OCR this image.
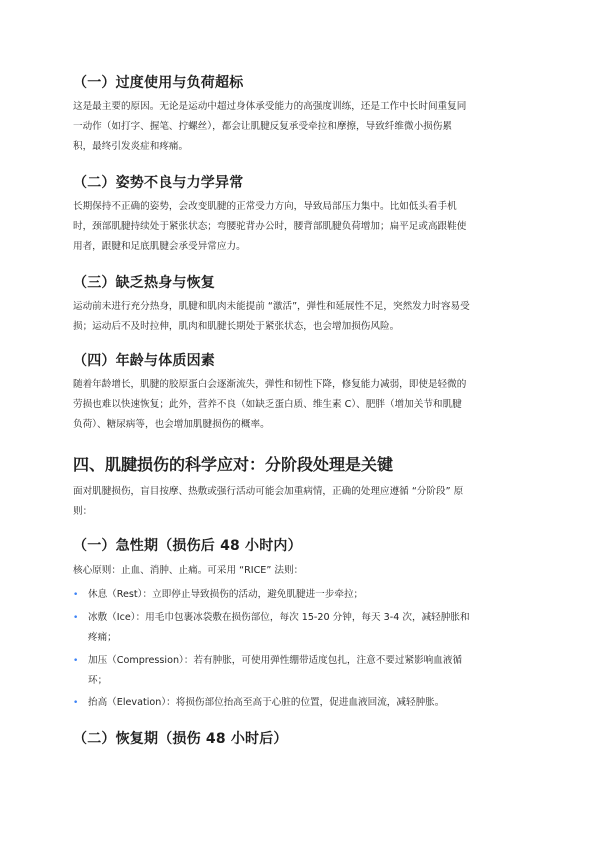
（一）过度使用与负荷超标
这是最主要的原因。无论是运动中超过身体承受能力的高强度训练，还是工作中长时间重复同
一动作（如打字、握笔、拧螺丝），都会让肌腱反复承受牵拉和摩擦，导致纤维微小损伤累
积，最终引发炎症和疼痛。
（二）姿势不良与力学异常
长期保持不正确的姿势，会改变肌腱的正常受力方向，导致局部压力集中。比如低头看手机
时，颈部肌腱持续处于紧张状态；弯腰驼背办公时，腰背部肌腱负荷增加；扁平足或高跟鞋使
用者，跟腱和足底肌腱会承受异常应力。
（三）缺乏热身与恢复
运动前未进行充分热身，肌腱和肌肉未能提前 “激活”，弹性和延展性不足，突然发力时容易受
损；运动后不及时拉伸，肌肉和肌腱长期处于紧张状态，也会增加损伤风险。
（四）年龄与体质因素
随着年龄增长，肌腱的胶原蛋白会逐渐流失，弹性和韧性下降，修复能力减弱，即使是轻微的
劳损也难以快速恢复；此外，营养不良（如缺乏蛋白质、维生素 C）、肥胖（增加关节和肌腱
负荷）、糖尿病等，也会增加肌腱损伤的概率。
四、肌腱损伤的科学应对：分阶段处理是关键
面对肌腱损伤，盲目按摩、热敷或强行活动可能会加重病情，正确的处理应遵循 “分阶段” 原
则：
（一）急性期（损伤后 48 小时内）
核心原则：止血、消肿、止痛。可采用 “RICE” 法则：
• 休息（Rest）：立即停止导致损伤的活动，避免肌腱进一步牵拉；
• 冰敷（Ice）：用毛巾包裹冰袋敷在损伤部位，每次 15-20 分钟，每天 3-4 次，减轻肿胀和
疼痛；
• 加压（Compression）：若有肿胀，可使用弹性绷带适度包扎，注意不要过紧影响血液循
环；
• 抬高（Elevation）：将损伤部位抬高至高于心脏的位置，促进血液回流，减轻肿胀。
（二）恢复期（损伤 48 小时后）
